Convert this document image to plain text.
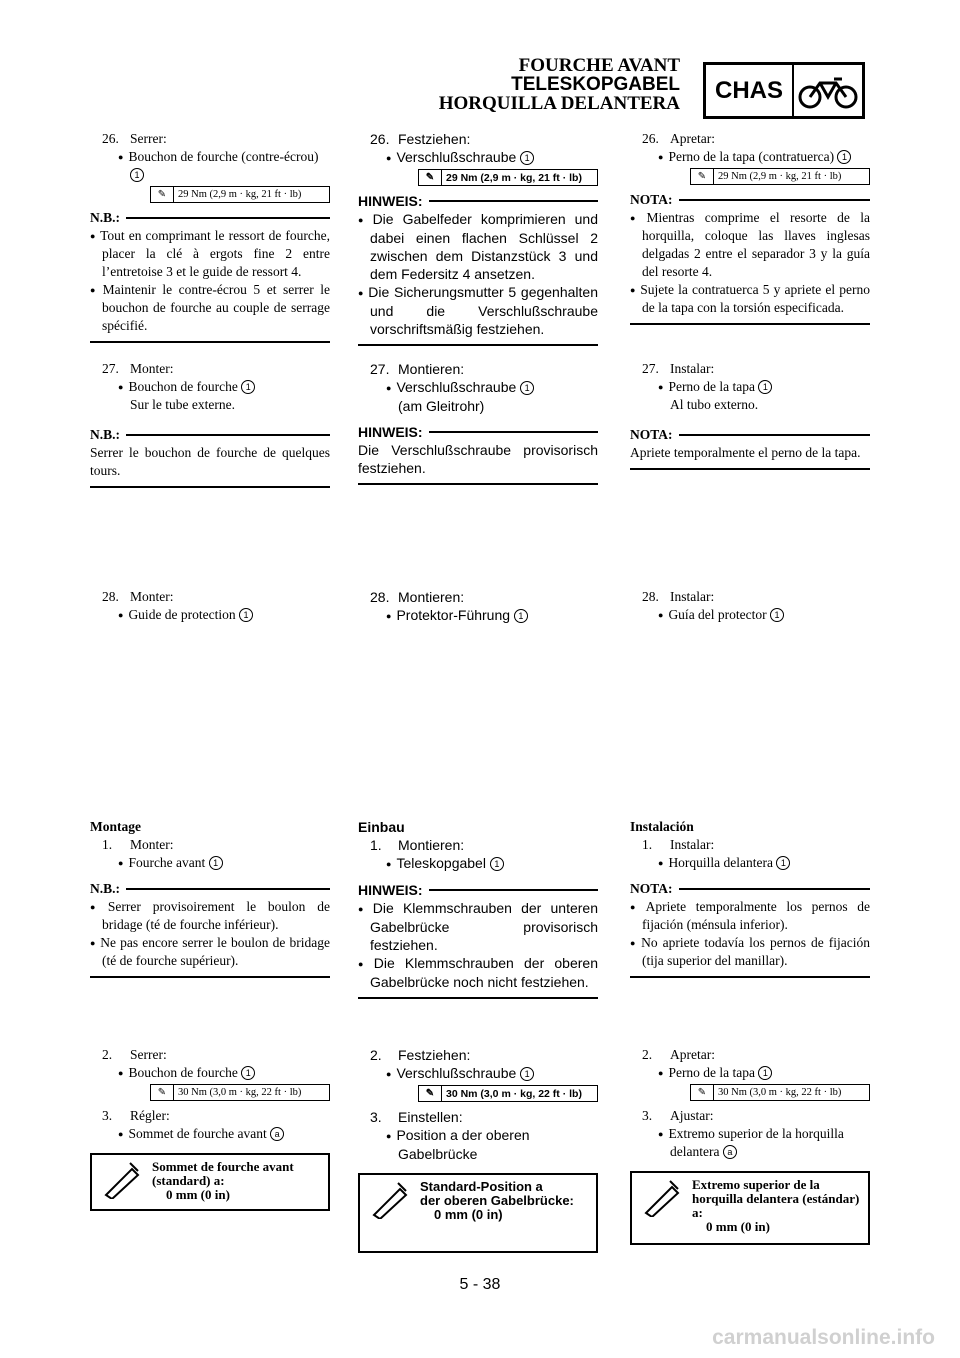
FOURCHE AVANT
TELESKOPGABEL
HORQUILLA DELANTERA	CHAS
26. Serrer:
● Bouchon de fourche (contre-écrou) 1
✎	29 Nm (2,9 m · kg, 21 ft · lb)
N.B.:
● Tout en comprimant le ressort de fourche, placer la clé à ergots fine 2 entre l’entretoise 3 et le guide de ressort 4.
● Maintenir le contre-écrou 5 et serrer le bouchon de fourche au couple de serrage spécifié.
27. Monter:
● Bouchon de fourche 1
Sur le tube externe.
N.B.:
Serrer le bouchon de fourche de quelques tours.
28. Monter:
● Guide de protection 1
Montage
1. Monter:
● Fourche avant 1
N.B.:
● Serrer provisoirement le boulon de bridage (té de fourche inférieur).
● Ne pas encore serrer le boulon de bridage (té de fourche supérieur).
2. Serrer:
● Bouchon de fourche 1
✎	30 Nm (3,0 m · kg, 22 ft · lb)
3. Régler:
● Sommet de fourche avant a
Sommet de fourche avant
(standard) a:
0 mm (0 in)
26. Festziehen:
● Verschlußschraube 1
✎	29 Nm (2,9 m · kg, 21 ft · lb)
HINWEIS:
● Die Gabelfeder komprimieren und dabei einen flachen Schlüssel 2 zwischen dem Distanzstück 3 und dem Federsitz 4 ansetzen.
● Die Sicherungsmutter 5 gegenhalten und die Verschlußschraube vorschriftsmäßig festziehen.
27. Montieren:
● Verschlußschraube 1
(am Gleitrohr)
HINWEIS:
Die Verschlußschraube provisorisch festziehen.
28. Montieren:
● Protektor-Führung 1
Einbau
1. Montieren:
● Teleskopgabel 1
HINWEIS:
● Die Klemmschrauben der unteren Gabelbrücke provisorisch festziehen.
● Die Klemmschrauben der oberen Gabelbrücke noch nicht festziehen.
2. Festziehen:
● Verschlußschraube 1
✎	30 Nm (3,0 m · kg, 22 ft · lb)
3. Einstellen:
● Position a der oberen Gabelbrücke
Standard-Position a
der oberen Gabelbrücke:
0 mm (0 in)
26. Apretar:
● Perno de la tapa (contratuerca) 1
✎	29 Nm (2,9 m · kg, 21 ft · lb)
NOTA:
● Mientras comprime el resorte de la horquilla, coloque las llaves inglesas delgadas 2 entre el separador 3 y la guía del resorte 4.
● Sujete la contratuerca 5 y apriete el perno de la tapa con la torsión especificada.
27. Instalar:
● Perno de la tapa 1
Al tubo externo.
NOTA:
Apriete temporalmente el perno de la tapa.
28. Instalar:
● Guía del protector 1
Instalación
1. Instalar:
● Horquilla delantera 1
NOTA:
● Apriete temporalmente los pernos de fijación (ménsula inferior).
● No apriete todavía los pernos de fijación (tija superior del manillar).
2. Apretar:
● Perno de la tapa 1
✎	30 Nm (3,0 m · kg, 22 ft · lb)
3. Ajustar:
● Extremo superior de la horquilla delantera a
Extremo superior de la
horquilla delantera (estándar) a:
0 mm (0 in)
5 - 38
carmanualsonline.info
